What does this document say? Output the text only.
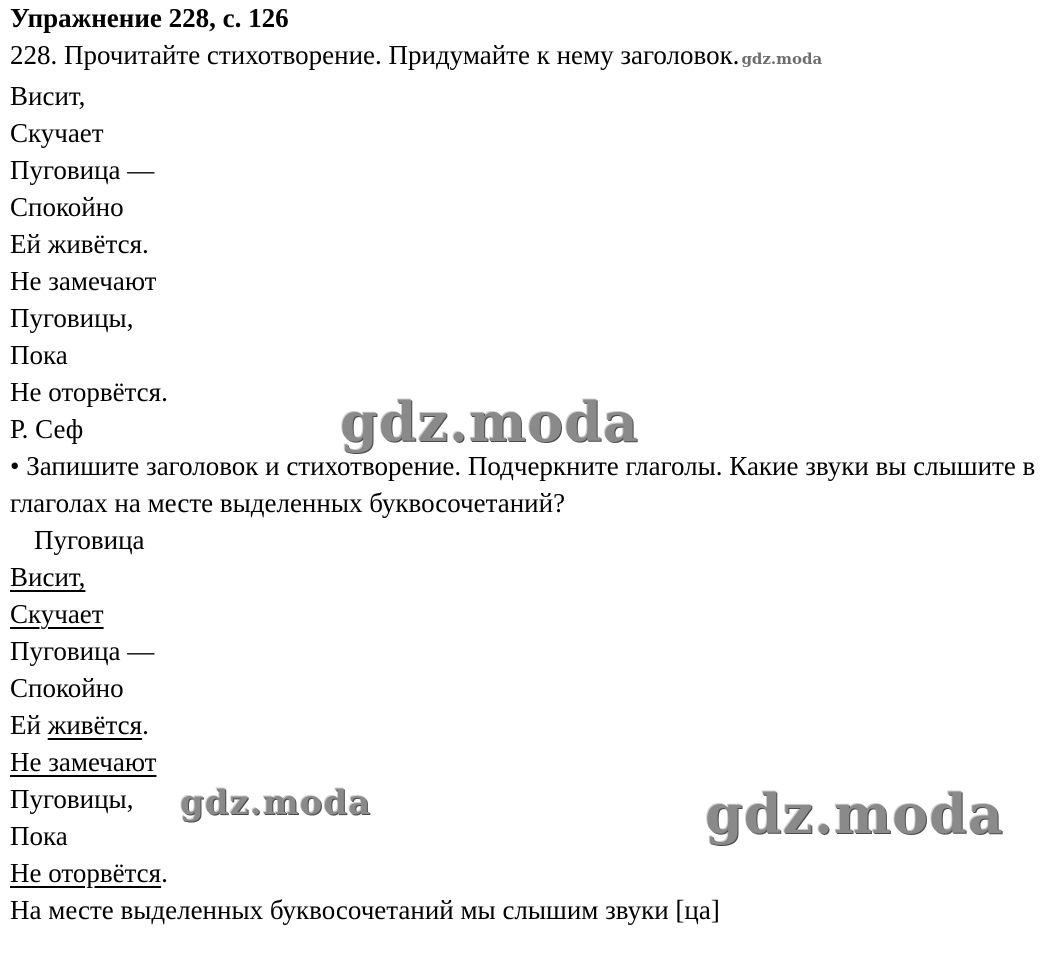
Упражнение 228, с. 126
228. Прочитайте стихотворение. Придумайте к нему заголовок. gdz.moda
Висит,
Скучает
Пуговица —
Спокойно
Ей живётся.
Не замечают
Пуговицы,
Пока
Не оторвётся.
Р. Сеф
• Запишите заголовок и стихотворение. Подчеркните глаголы. Какие звуки вы слышите в глаголах на месте выделенных буквосочетаний?
Пуговица
Висит,
Скучает
Пуговица —
Спокойно
Ей живётся.
Не замечают
Пуговицы,
Пока
Не оторвётся.
На месте выделенных буквосочетаний мы слышим звуки [ца]
gdz.moda
gdz.moda	gdz.moda
